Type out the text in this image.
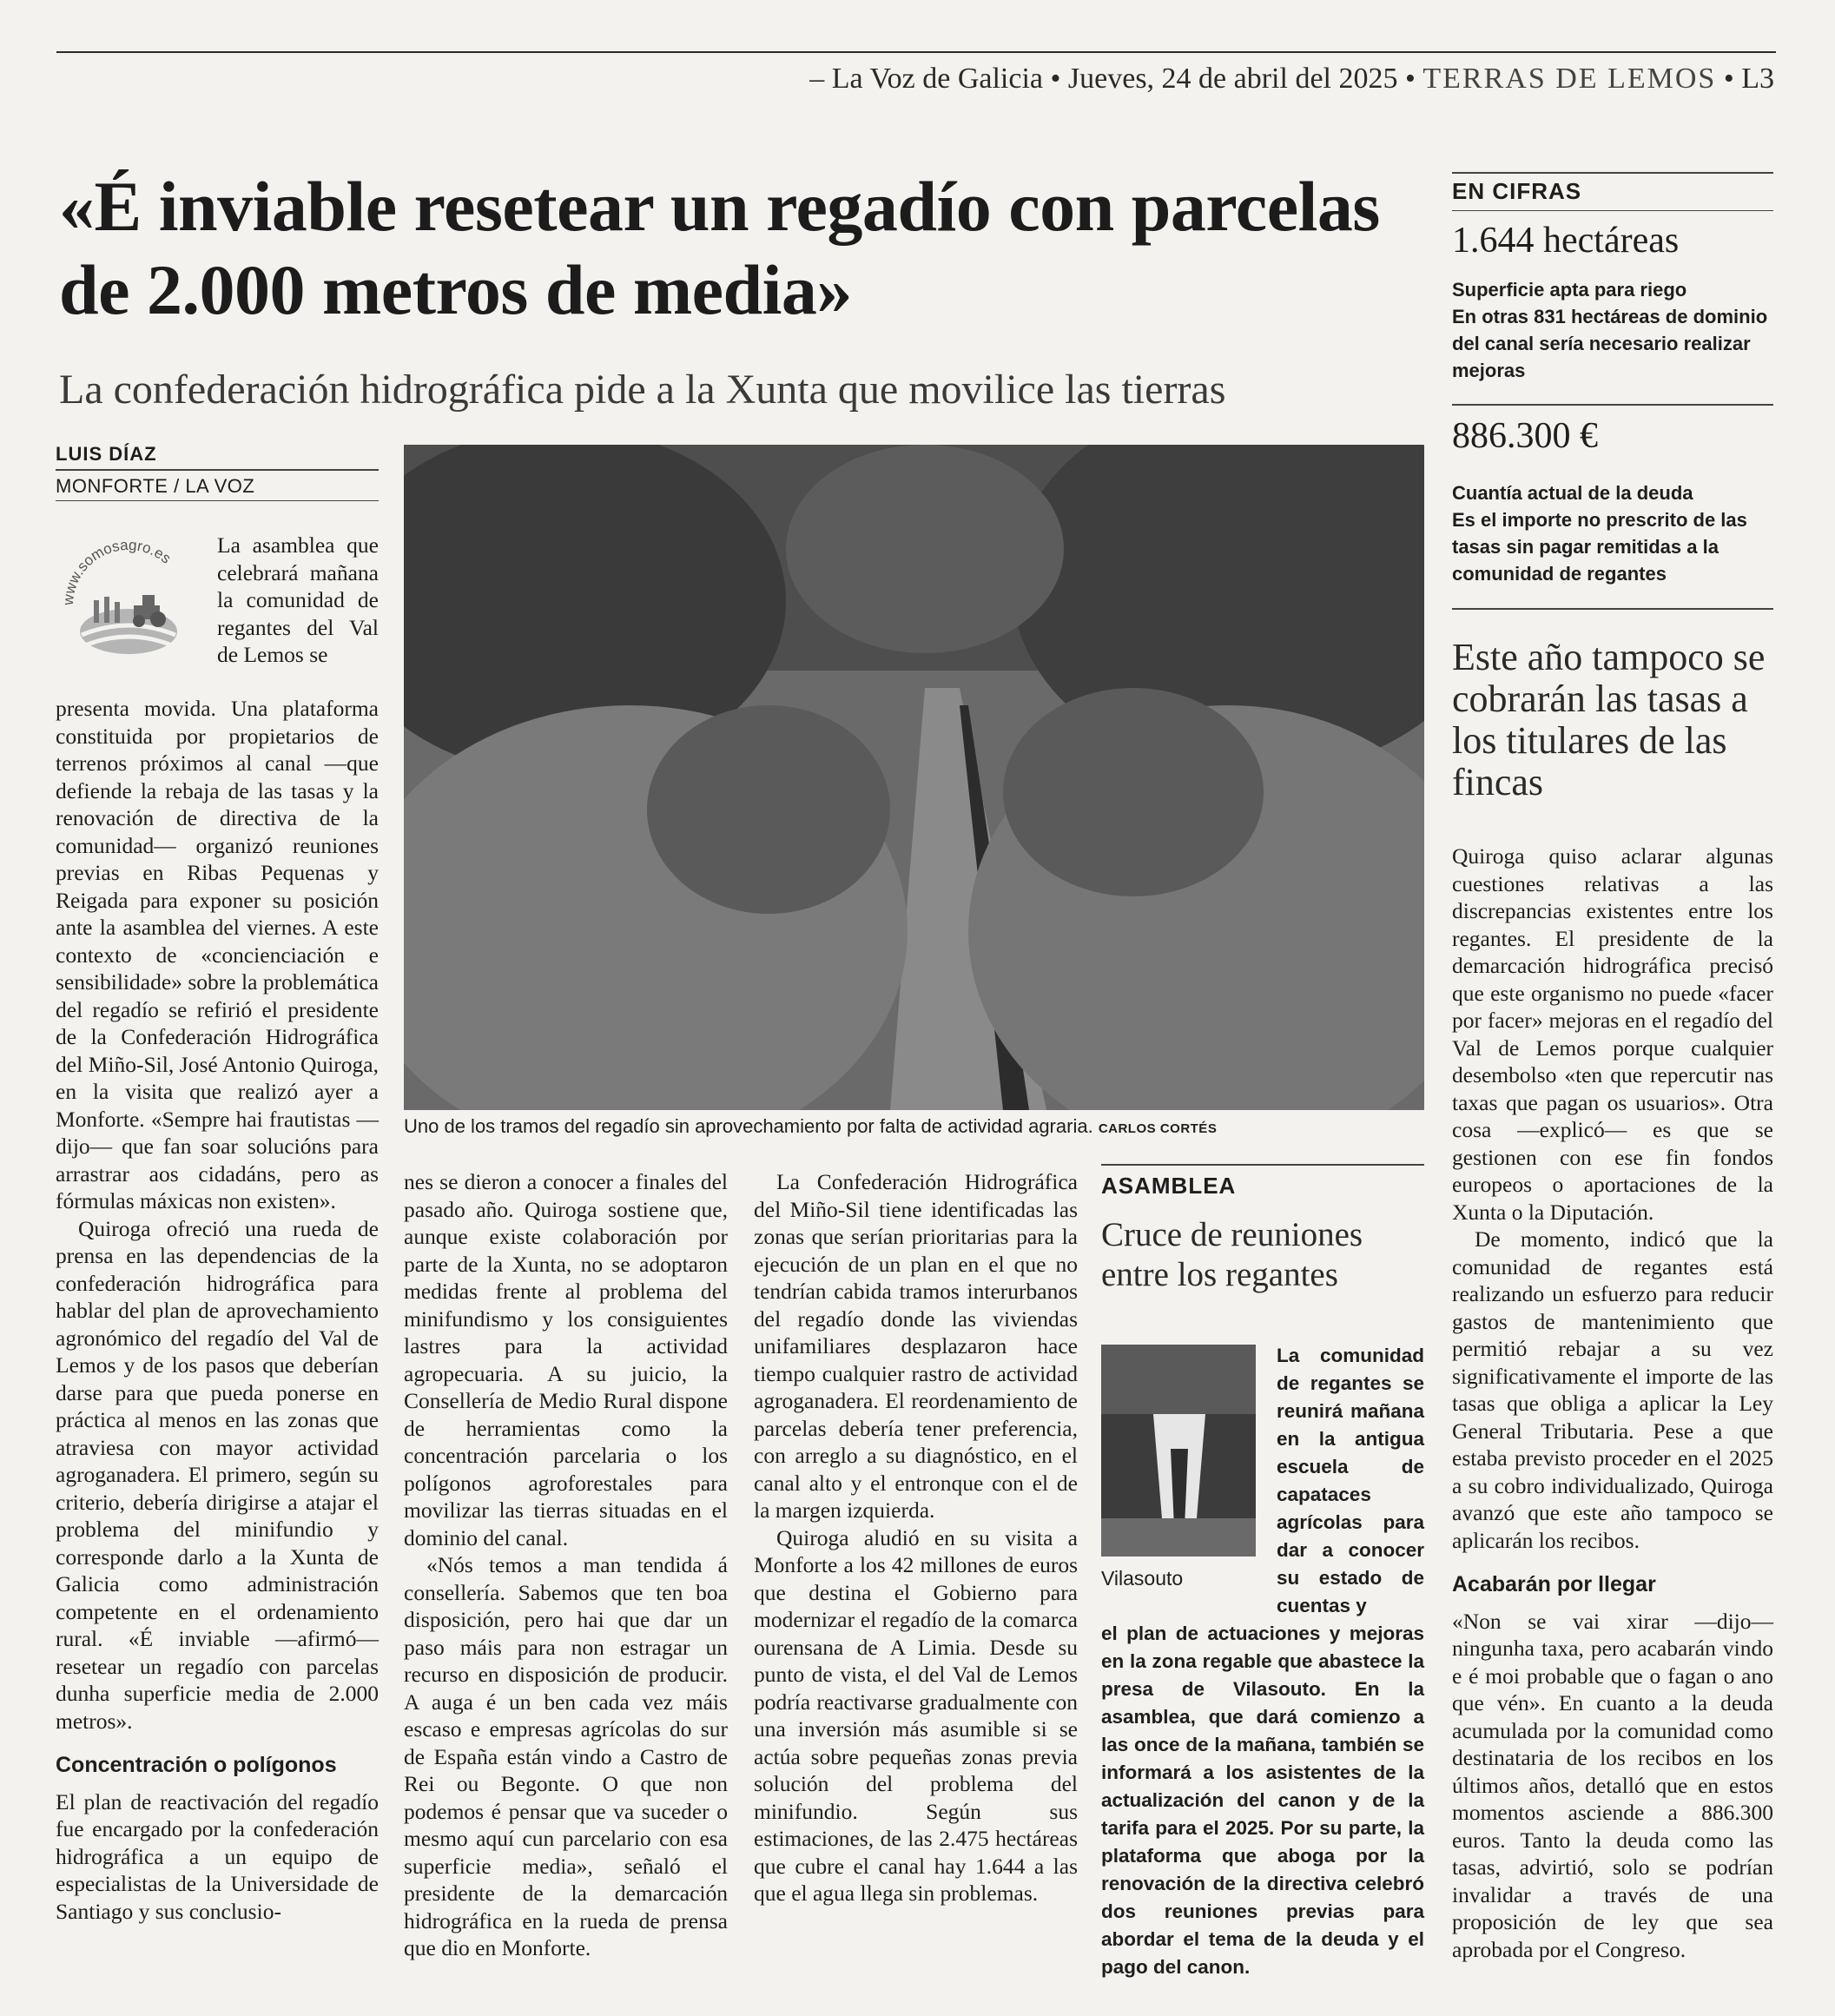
– La Voz de Galicia • Jueves, 24 de abril del 2025 • TERRAS DE LEMOS • L3
«É inviable resetear un regadío con parcelas de 2.000 metros de media»
La confederación hidrográfica pide a la Xunta que movilice las tierras
LUIS DÍAZ
MONFORTE / LA VOZ
www.somosagro.es
La asamblea que celebrará mañana la comunidad de regantes del Val de Lemos se

presenta movida. Una plataforma constituida por propietarios de terrenos próximos al canal —que defiende la rebaja de las tasas y la renovación de directiva de la comunidad— organizó reuniones previas en Ribas Pequenas y Reigada para exponer su posición ante la asamblea del viernes. A este contexto de «concienciación e sensibilidade» sobre la problemática del regadío se refirió el presidente de la Confederación Hidrográfica del Miño-Sil, José Antonio Quiroga, en la visita que realizó ayer a Monforte. «Sempre hai frautistas —dijo— que fan soar solucións para arrastrar aos cidadáns, pero as fórmulas máxicas non existen».

Quiroga ofreció una rueda de prensa en las dependencias de la confederación hidrográfica para hablar del plan de aprovechamiento agronómico del regadío del Val de Lemos y de los pasos que deberían darse para que pueda ponerse en práctica al menos en las zonas que atraviesa con mayor actividad agroganadera. El primero, según su criterio, debería dirigirse a atajar el problema del minifundio y corresponde darlo a la Xunta de Galicia como administración competente en el ordenamiento rural. «É inviable —afirmó— resetear un regadío con parcelas dunha superficie media de 2.000 metros».

Concentración o polígonos

El plan de reactivación del regadío fue encargado por la confederación hidrográfica a un equipo de especialistas de la Universidade de Santiago y sus conclusio-

Uno de los tramos del regadío sin aprovechamiento por falta de actividad agraria. CARLOS CORTÉS

nes se dieron a conocer a finales del pasado año. Quiroga sostiene que, aunque existe colaboración por parte de la Xunta, no se adoptaron medidas frente al problema del minifundismo y los consiguientes lastres para la actividad agropecuaria. A su juicio, la Consellería de Medio Rural dispone de herramientas como la concentración parcelaria o los polígonos agroforestales para movilizar las tierras situadas en el dominio del canal.

«Nós temos a man tendida á consellería. Sabemos que ten boa disposición, pero hai que dar un paso máis para non estragar un recurso en disposición de producir. A auga é un ben cada vez máis escaso e empresas agrícolas do sur de España están vindo a Castro de Rei ou Begonte. O que non podemos é pensar que va suceder o mesmo aquí cun parcelario con esa superficie media», señaló el presidente de la demarcación hidrográfica en la rueda de prensa que dio en Monforte.

La Confederación Hidrográfica del Miño-Sil tiene identificadas las zonas que serían prioritarias para la ejecución de un plan en el que no tendrían cabida tramos interurbanos del regadío donde las viviendas unifamiliares desplazaron hace tiempo cualquier rastro de actividad agroganadera. El reordenamiento de parcelas debería tener preferencia, con arreglo a su diagnóstico, en el canal alto y el entronque con el de la margen izquierda.

Quiroga aludió en su visita a Monforte a los 42 millones de euros que destina el Gobierno para modernizar el regadío de la comarca ourensana de A Limia. Desde su punto de vista, el del Val de Lemos podría reactivarse gradualmente con una inversión más asumible si se actúa sobre pequeñas zonas previa solución del problema del minifundio. Según sus estimaciones, de las 2.475 hectáreas que cubre el canal hay 1.644 a las que el agua llega sin problemas.

ASAMBLEA
Cruce de reuniones entre los regantes
Vilasouto
La comunidad de regantes se reunirá mañana en la antigua escuela de capataces agrícolas para dar a conocer su estado de cuentas y
el plan de actuaciones y mejoras en la zona regable que abastece la presa de Vilasouto. En la asamblea, que dará comienzo a las once de la mañana, también se informará a los asistentes de la actualización del canon y de la tarifa para el 2025. Por su parte, la plataforma que aboga por la renovación de la directiva celebró dos reuniones previas para abordar el tema de la deuda y el pago del canon.
EN CIFRAS
1.644 hectáreas
Superficie apta para riego
En otras 831 hectáreas de dominio del canal sería necesario realizar mejoras
886.300 €
Cuantía actual de la deuda
Es el importe no prescrito de las tasas sin pagar remitidas a la comunidad de regantes
Este año tampoco se cobrarán las tasas a los titulares de las fincas

Quiroga quiso aclarar algunas cuestiones relativas a las discrepancias existentes entre los regantes. El presidente de la demarcación hidrográfica precisó que este organismo no puede «facer por facer» mejoras en el regadío del Val de Lemos porque cualquier desembolso «ten que repercutir nas taxas que pagan os usuarios». Otra cosa —explicó— es que se gestionen con ese fin fondos europeos o aportaciones de la Xunta o la Diputación.

De momento, indicó que la comunidad de regantes está realizando un esfuerzo para reducir gastos de mantenimiento que permitió rebajar a su vez significativamente el importe de las tasas que obliga a aplicar la Ley General Tributaria. Pese a que estaba previsto proceder en el 2025 a su cobro individualizado, Quiroga avanzó que este año tampoco se aplicarán los recibos.

Acabarán por llegar

«Non se vai xirar —dijo— ningunha taxa, pero acabarán vindo e é moi probable que o fagan o ano que vén». En cuanto a la deuda acumulada por la comunidad como destinataria de los recibos en los últimos años, detalló que en estos momentos asciende a 886.300 euros. Tanto la deuda como las tasas, advirtió, solo se podrían invalidar a través de una proposición de ley que sea aprobada por el Congreso.
